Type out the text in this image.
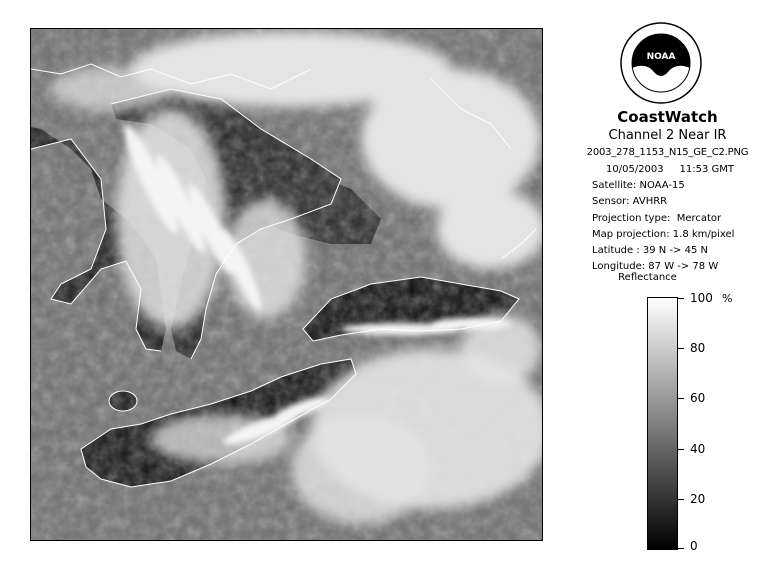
NOAA
CoastWatch
Channel 2 Near IR
2003_278_1153_N15_GE_C2.PNG
10/05/2003     11:53 GMT
Satellite: NOAA-15
Sensor: AVHRR
Projection type:  Mercator
Map projection: 1.8 km/pixel
Latitude : 39 N -> 45 N
Longitude: 87 W -> 78 W
Reflectance
%
100
80
60
40
20
0
